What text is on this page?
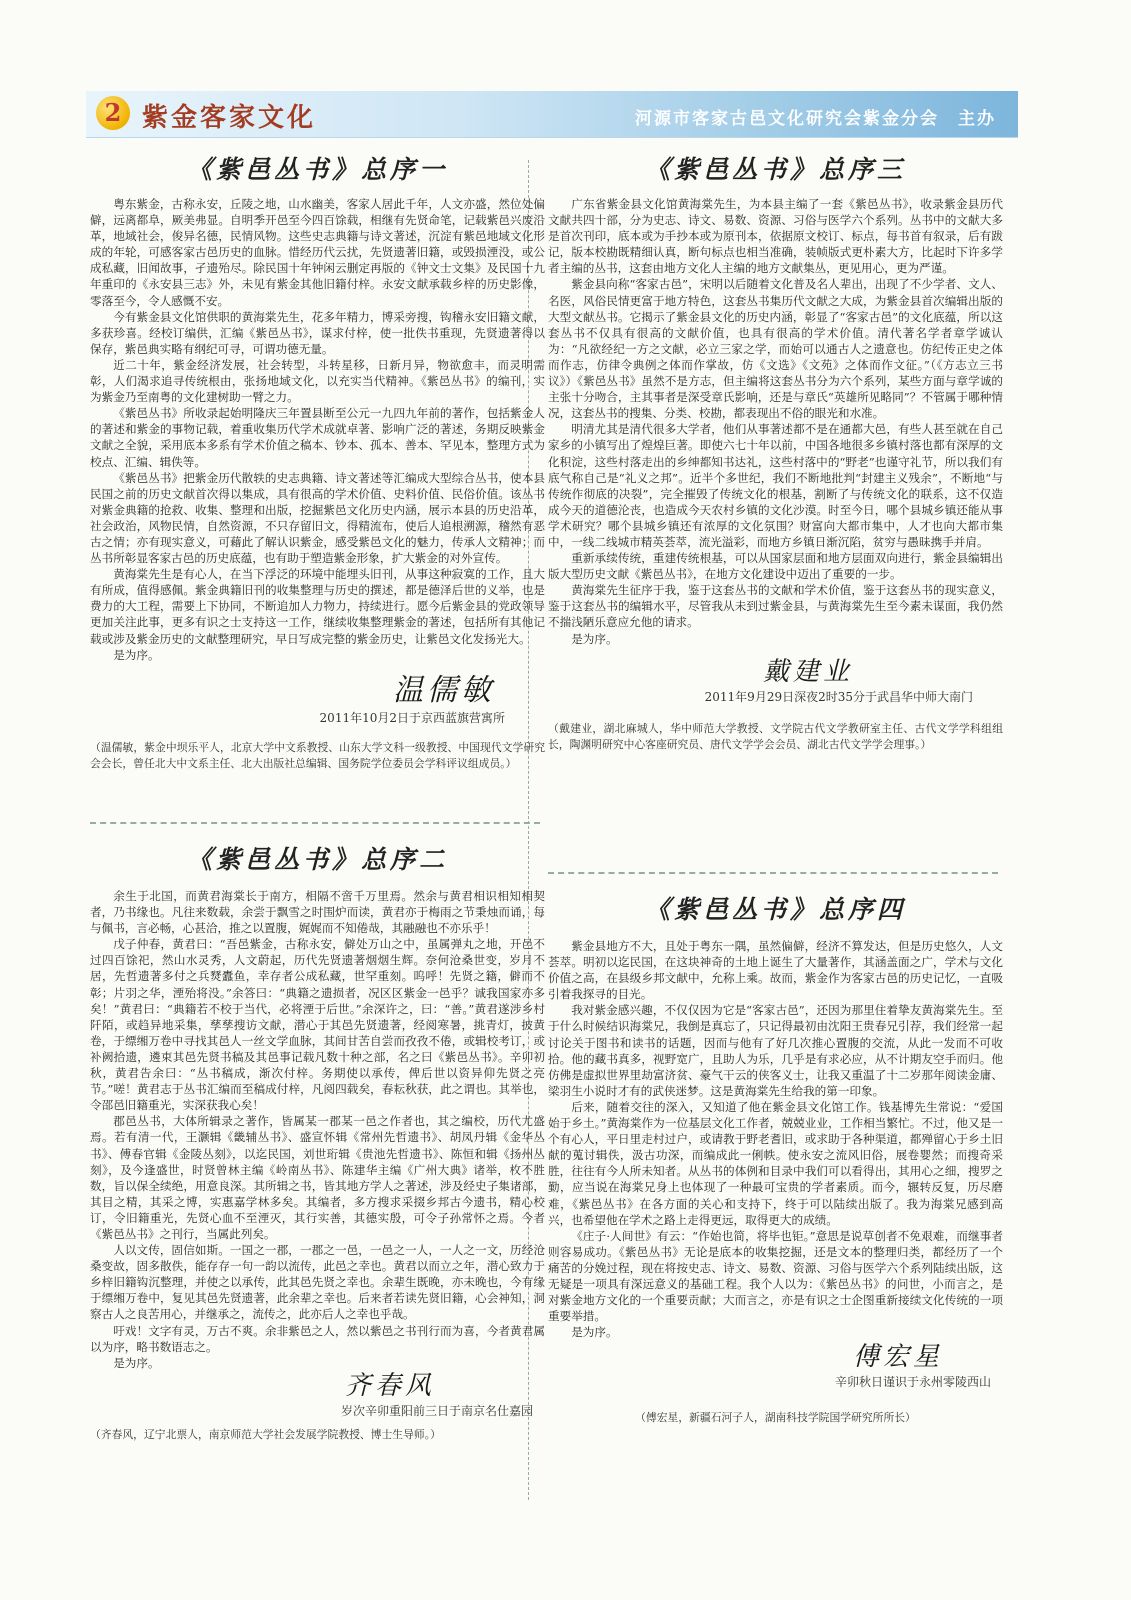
2 紫金客家文化	河源市客家古邑文化研究会紫金分会　主办
《紫邑丛书》总序一

粤东紫金，古称永安，丘陵之地，山水幽美，客家人居此千年，人文亦盛，然位处偏僻，远离都阜，厥美弗显。自明季开邑至今四百馀载，相继有先贤命笔，记载紫邑兴废沿革，地域社会，俊异名德，民情风物。这些史志典籍与诗文著述，沉淀有紫邑地域文化形成的年轮，可感客家古邑历史的血脉。惜经历代云扰，先贤遗著旧籍，或毁损湮没，或公成私藏，旧闻故事，孑遗殆尽。除民国十年钟闲云删定再版的《钟文士文集》及民国十九年重印的《永安县三志》外，未见有紫金其他旧籍付梓。永安文献承载乡梓的历史影像，零落至今，令人感慨不安。

今有紫金县文化馆供职的黄海棠先生，花多年精力，博采旁搜，钩稽永安旧籍文献，多获珍喜。经校订编供，汇编《紫邑丛书》，谋求付梓，使一批佚书重现，先贤遗著得以保存，紫邑典实略有纲纪可寻，可谓功德无量。

近二十年，紫金经济发展，社会转型，斗转星移，日新月异，物欲愈丰，而灵明需彰，人们渴求追寻传统根由，张扬地域文化，以充实当代精神。《紫邑丛书》的编刊，实为紫金乃至南粤的文化建树助一臂之力。

《紫邑丛书》所收录起始明隆庆三年置县断至公元一九四九年前的著作，包括紫金人的著述和紫金的事物记载，着重收集历代学术成就卓著、影响广泛的著述，务期反映紫金文献之全貌，采用底本多系有学术价值之稿本、钞本、孤本、善本、罕见本，整理方式为校点、汇编、辑佚等。

《紫邑丛书》把紫金历代散轶的史志典籍、诗文著述等汇编成大型综合丛书，使本县民国之前的历史文献首次得以集成，具有很高的学术价值、史料价值、民俗价值。该丛书对紫金典籍的抢救、收集、整理和出版，挖掘紫邑文化历史内涵，展示本县的历史沿革，社会政治，风物民情，自然资源，不只存留旧文，得精流布，使后人追根溯源，稽然有恶古之情；亦有现实意义，可藉此了解认识紫金，感受紫邑文化的魅力，传承人文精神；而丛书所彰显客家古邑的历史底蕴，也有助于塑造紫金形象，扩大紫金的对外宣传。

黄海棠先生是有心人，在当下浮泛的环境中能埋头旧刊，从事这种寂寞的工作，且大有所成，值得感佩。紫金典籍旧刊的收集整理与历史的撰述，都是德泽后世的义举，也是费力的大工程，需要上下协同，不断追加人力物力，持续进行。愿今后紫金县的党政领导更加关注此事，更多有识之士支持这一工作，继续收集整理紫金的著述，包括所有其他记载或涉及紫金历史的文献整理研究，早日写成完整的紫金历史，让紫邑文化发扬光大。

是为序。

温儒敏
2011年10月2日于京西蓝旗营寓所
（温儒敏，紫金中坝乐平人，北京大学中文系教授、山东大学文科一级教授、中国现代文学研究会会长，曾任北大中文系主任、北大出版社总编辑、国务院学位委员会学科评议组成员。）
《紫邑丛书》总序二

余生于北国，而黄君海棠长于南方，相隔不啻千万里焉。然余与黄君相识相知相契者，乃书缘也。凡往来数载，余尝于飘雪之时围炉而读，黄君亦于梅雨之节秉烛而诵，每与佩书，言必畅，心甚洽，推之以置腹，娓娓而不知倦哉，其融融也不亦乐乎！

戊子仲春，黄君曰：“吾邑紫金，古称永安，僻处万山之中，虽属弹丸之地，开邑不过四百馀祀，然山水灵秀，人文蔚起，历代先贤遗著烟烟生辉。奈何沧桑世变，岁月不居，先哲遗著多付之兵燹蠹鱼，幸存者公成私藏，世罕重刻。呜呼！先贤之籍，僻而不彰；片羽之华，湮殆将没。”余答曰：“典籍之遗损者，况区区紫金一邑乎？诚我国家亦多矣！”黄君曰：“典籍若不校于当代，必将湮于后世。”余深许之，曰：“善。”黄君遂涉乡村阡陌，或趋异地采集，孳孳搜访文献，潜心于其邑先贤遗著，经阅寒暑，挑青灯，披黄卷，于缥缃万卷中寻找其邑人一丝文学血脉，其间甘苦自尝而孜孜不倦，或辑校考订，或补阙拾遗，遴束其邑先贤书稿及其邑事记载凡数十种之部，名之曰《紫邑丛书》。辛卯初秋，黄君告余曰：“丛书稿成，渐次付梓。务期使以承传，俾后世以资异仰先贤之亮节。”嗟！黄君志于丛书汇编而至稿成付梓，凡阅四载矣，春耘秋获，此之谓也。其举也，令邵邑旧籍重光，实深获我心矣！

郡邑丛书，大体所辑录之著作，皆属某一郡某一邑之作者也，其之编校，历代尤盛焉。若有清一代，王灏辑《畿辅丛书》、盛宣怀辑《常州先哲遗书》、胡凤丹辑《金华丛书》、傅春官辑《金陵丛刻》，以迄民国，刘世珩辑《贵池先哲遗书》、陈恒和辑《扬州丛刻》，及今逢盛世，时贤曾林主编《岭南丛书》、陈建华主编《广州大典》诸举，枚不胜数，旨以保全续绝，用意良深。其所辑之书，皆其地方学人之著述，涉及经史子集诸部，其目之精，其采之博，实惠嘉学林多矣。其编者，多方搜求采掇乡邦古今遗书，精心校订，令旧籍重光，先贤心血不至湮灭，其行实善，其德实殷，可令子孙常怀之焉。今者《紫邑丛书》之刊行，当属此列矣。

人以文传，固信如斯。一国之一郡，一郡之一邑，一邑之一人，一人之一文，历经沧桑变故，固多散佚，能存存一句一韵以流传，此邑之幸也。黄君以而立之年，潜心致力于乡梓旧籍钩沉整理，并使之以承传，此其邑先贤之幸也。余辈生既晚，亦未晚也，今有缘于缥缃万卷中，复见其邑先贤遗著，此余辈之幸也。后来者若读先贤旧籍，心会神知，洞察古人之良苦用心，并继承之，流传之，此亦后人之幸也乎哉。

吁戏！文字有灵，万古不爽。余非紫邑之人，然以紫邑之书刊行而为喜，今者黄君属以为序，略书数语志之。

是为序。

齐春风
岁次辛卯重阳前三日于南京名仕嘉园
（齐春风，辽宁北票人，南京师范大学社会发展学院教授、博士生导师。）
《紫邑丛书》总序三

广东省紫金县文化馆黄海棠先生，为本县主编了一套《紫邑丛书》，收录紫金县历代文献共四十部，分为史志、诗文、易数、资源、习俗与医学六个系列。丛书中的文献大多是首次刊印，底本或为手抄本或为原刊本，依据原文校订、标点，每书首有叙录，后有跋记，版本校勘既精细认真，断句标点也相当准确，装帧版式更朴素大方，比起时下许多学者主编的丛书，这套由地方文化人主编的地方文献集丛，更见用心，更为严谨。

紫金县向称“客家古邑”，宋明以后随着文化普及名人辈出，出现了不少学者、文人、名医，风俗民情更富于地方特色，这套丛书集历代文献之大成，为紫金县首次编辑出版的大型文献丛书。它揭示了紫金县文化的历史内涵，彰显了“客家古邑”的文化底蕴，所以这套丛书不仅具有很高的文献价值，也具有很高的学术价值。清代著名学者章学诚认为：“凡欲经纪一方之文献，必立三家之学，而始可以通古人之遗意也。仿纪传正史之体而作志，仿律令典例之体而作掌故，仿《文选》《文苑》之体而作文征。”（《方志立三书议》）《紫邑丛书》虽然不是方志，但主编将这套丛书分为六个系列，某些方面与章学诚的主张十分吻合，主其事者是深受章氏影响，还是与章氏“英雄所见略同”？不管属于哪种情况，这套丛书的搜集、分类、校勘，都表现出不俗的眼光和水准。

明清尤其是清代很多大学者，他们从事著述都不是在通都大邑，有些人甚至就在自己家乡的小镇写出了煌煌巨著。即使六七十年以前，中国各地很多乡镇村落也都有深厚的文化积淀，这些村落走出的乡绅都知书达礼，这些村落中的“野老”也谨守礼节，所以我们有底气称自己是“礼义之邦”。近半个多世纪，我们不断地批判“封建主义残余”，不断地“与传统作彻底的决裂”，完全摧毁了传统文化的根基，割断了与传统文化的联系，这不仅造成今天的道德沦丧，也造成今天农村乡镇的文化沙漠。时至今日，哪个县城乡镇还能从事学术研究？哪个县城乡镇还有浓厚的文化氛围？财富向大都市集中，人才也向大都市集中，一线二线城市精英荟萃，流光溢彩，而地方乡镇日渐沉陷，贫穷与愚昧携手并肩。

重新承续传统，重建传统根基，可以从国家层面和地方层面双向进行，紫金县编辑出版大型历史文献《紫邑丛书》，在地方文化建设中迈出了重要的一步。

黄海棠先生征序于我，鉴于这套丛书的文献和学术价值，鉴于这套丛书的现实意义，鉴于这套丛书的编辑水平，尽管我从未到过紫金县，与黄海棠先生至今素未谋面，我仍然不揣浅陋乐意应允他的请求。

是为序。

戴建业
2011年9月29日深夜2时35分于武昌华中师大南门
（戴建业，湖北麻城人，华中师范大学教授、文学院古代文学教研室主任、古代文学学科组组长，陶渊明研究中心客座研究员、唐代文学学会会员、湖北古代文学学会理事。）
《紫邑丛书》总序四

紫金县地方不大，且处于粤东一隅，虽然偏僻，经济不算发达，但是历史悠久，人文荟萃。明初以迄民国，在这块神奇的土地上诞生了大量著作，其涵盖面之广，学术与文化价值之高，在县级乡邦文献中，允称上乘。故而，紫金作为客家古邑的历史记忆，一直吸引着我探寻的目光。

我对紫金感兴趣，不仅仅因为它是“客家古邑”，还因为那里住着挚友黄海棠先生。至于什么时候结识海棠兄，我倒是真忘了，只记得最初由沈阳王贵春兄引荐，我们经常一起讨论关于图书和读书的话题，因而与他有了好几次推心置腹的交流，从此一发而不可收拾。他的藏书真多，视野宽广，且助人为乐，几乎是有求必应，从不计期友空手而归。他仿佛是虚拟世界里劫富济贫、豪气干云的侠客义士，让我又重温了十二岁那年阅读金庸、梁羽生小说时才有的武侠迷梦。这是黄海棠先生给我的第一印象。

后来，随着交往的深入，又知道了他在紫金县文化馆工作。钱基博先生常说：“爱国始于乡土。”黄海棠作为一位基层文化工作者，兢兢业业，工作相当繁忙。不过，他又是一个有心人，平日里走村过户，或请教于野老耆旧，或求助于各种渠道，都殚留心于乡土旧献的蒐讨辑佚，汲古功深，而编成此一俐帙。使永安之流风旧俗，展卷婴然；而搜奇采胜，往往有今人所未知者。从丛书的体例和目录中我们可以看得出，其用心之细，搜罗之勤，应当说在海棠兄身上也体现了一种最可宝贵的学者素质。而今，辗转反复，历尽磨难，《紫邑丛书》在各方面的关心和支持下，终于可以陆续出版了。我为海棠兄感到高兴，也希望他在学术之路上走得更远，取得更大的成绩。

《庄子·人间世》有云：“作始也简，将毕也钜。”意思是说草创者不免艰难，而继事者则容易成功。《紫邑丛书》无论是底本的收集挖掘，还是文本的整理归类，都经历了一个痛苦的分娩过程，现在将按史志、诗文、易数、资源、习俗与医学六个系列陆续出版，这无疑是一项具有深远意义的基础工程。我个人以为：《紫邑丛书》的问世，小而言之，是对紫金地方文化的一个重要贡献；大而言之，亦是有识之士企图重新接续文化传统的一项重要举措。

是为序。

傅宏星
辛卯秋日谨识于永州零陵西山
（傅宏星，新疆石河子人，湖南科技学院国学研究所所长）
